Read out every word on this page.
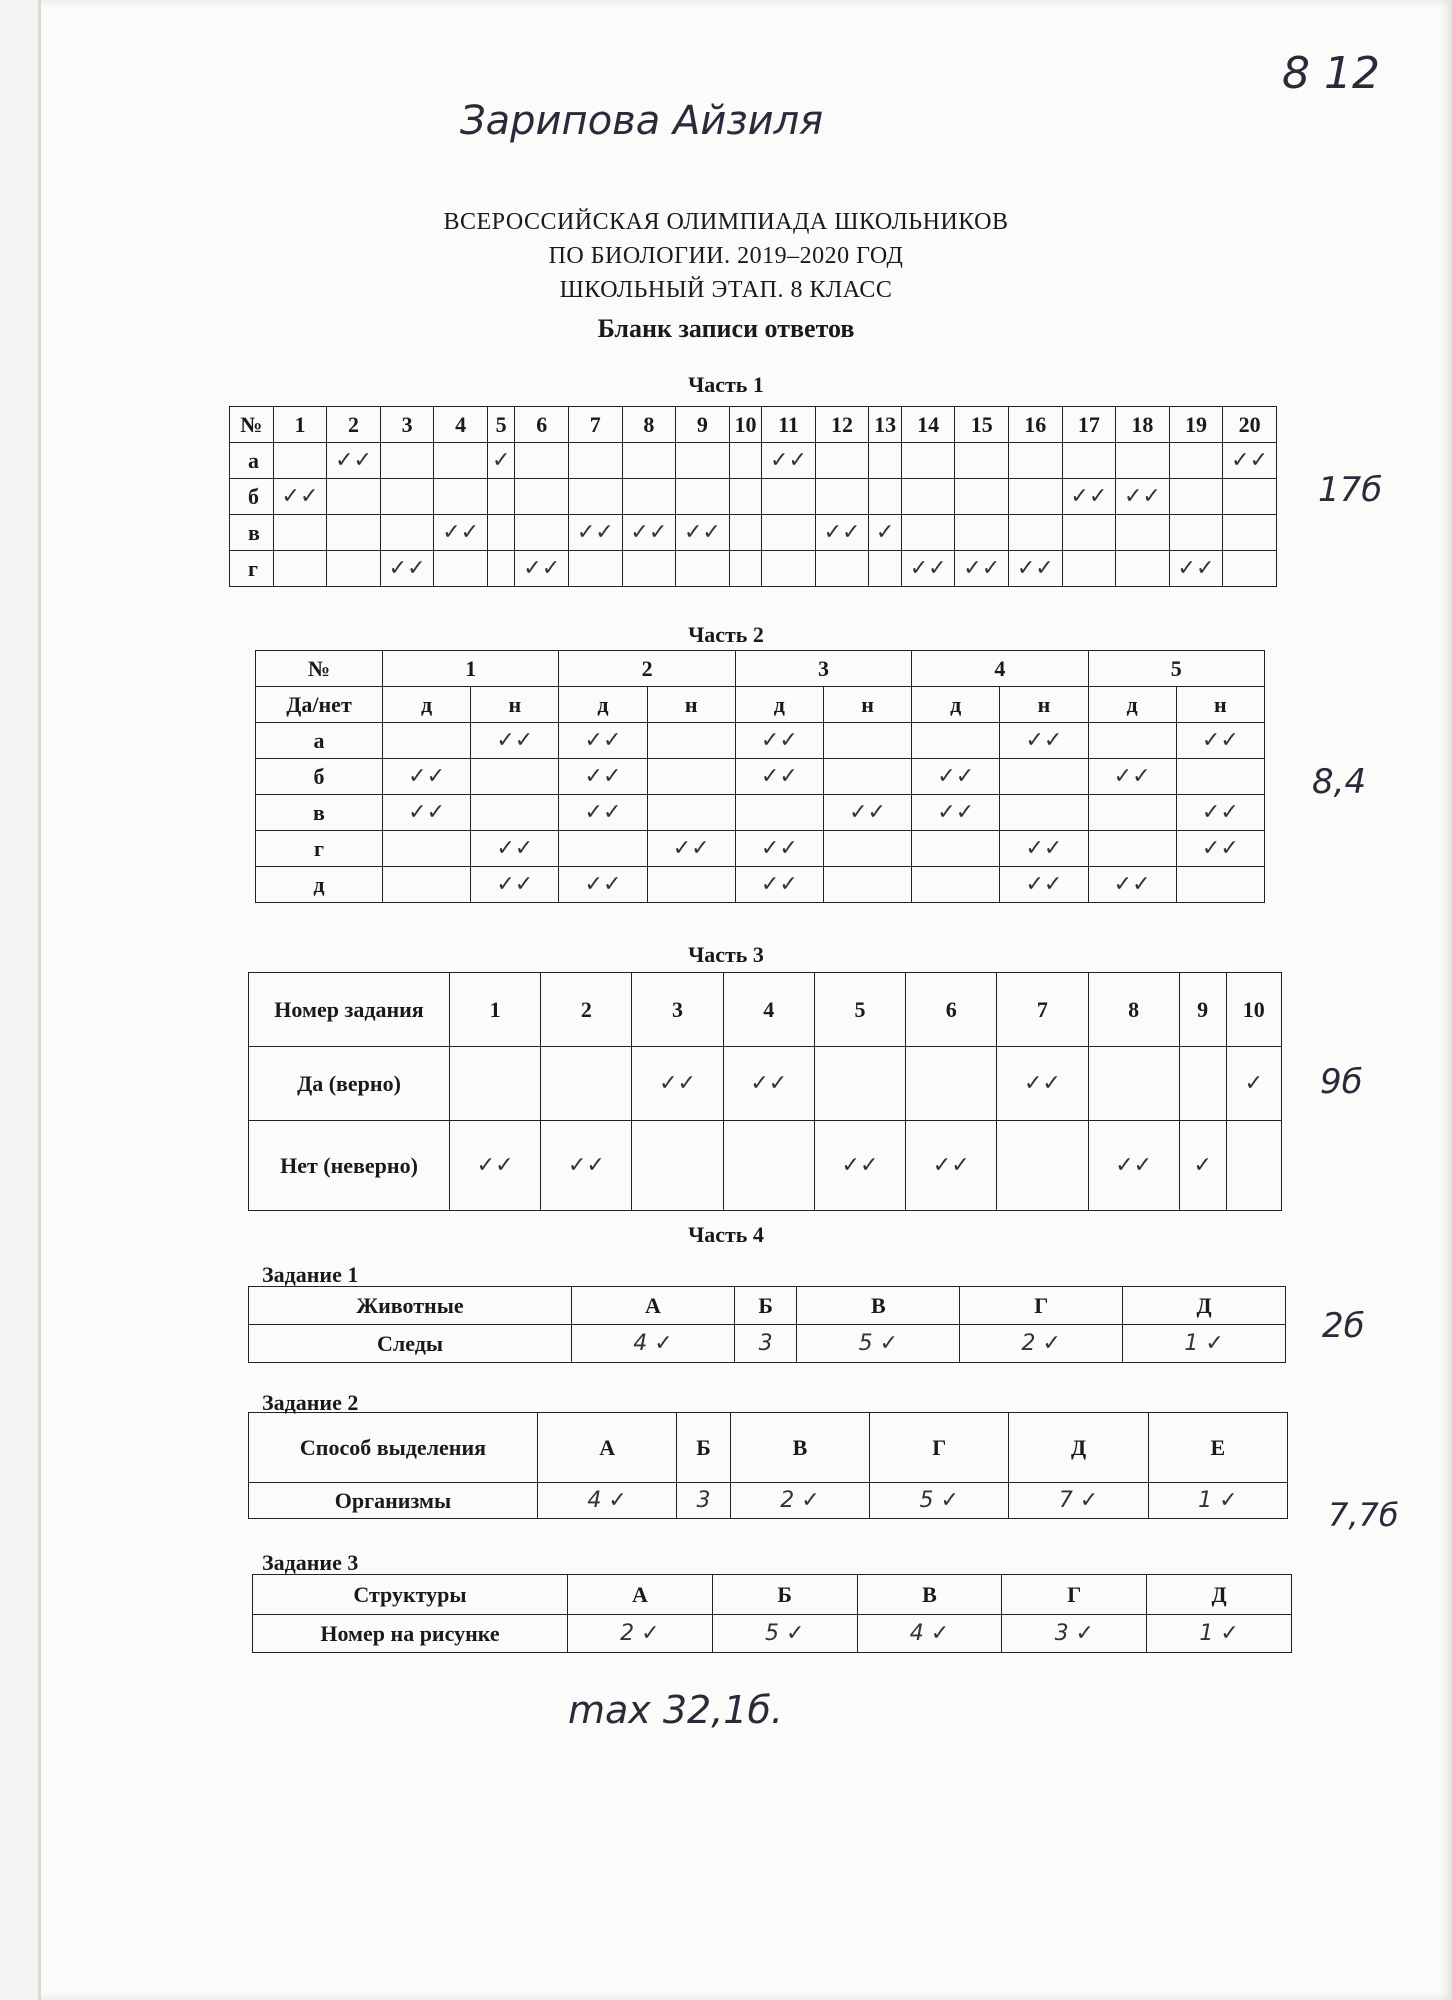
Зарипова Айзиля
8 12
17б
8,4
9б
2б
7,7б
max 32,1б.
ВСЕРОССИЙСКАЯ ОЛИМПИАДА ШКОЛЬНИКОВ
ПО БИОЛОГИИ. 2019–2020 ГОД
ШКОЛЬНЫЙ ЭТАП. 8 КЛАСС
Бланк записи ответов
Часть 1
№	1	2	3	4	5	6	7	8	9	10	11	12	13	14	15	16	17	18	19	20
а		✓✓			✓						✓✓									✓✓
б	✓✓																✓✓	✓✓		
в				✓✓			✓✓	✓✓	✓✓			✓✓	✓							
г			✓✓			✓✓								✓✓	✓✓	✓✓			✓✓	
Часть 2
№	1		2		3		4		5	
Да/нет	д	н	д	н	д	н	д	н	д	н
а		✓✓	✓✓		✓✓			✓✓		✓✓
б	✓✓		✓✓		✓✓		✓✓		✓✓	
в	✓✓		✓✓			✓✓	✓✓			✓✓
г		✓✓		✓✓	✓✓			✓✓		✓✓
д		✓✓	✓✓		✓✓			✓✓	✓✓	
Часть 3
Номер задания	1	2	3	4	5	6	7	8	9	10
Да (верно)			✓✓	✓✓			✓✓			✓
Нет (неверно)	✓✓	✓✓			✓✓	✓✓		✓✓	✓	
Часть 4
Задание 1
Животные	А	Б	В	Г	Д
Следы	4 ✓	3	5 ✓	2 ✓	1 ✓
Задание 2
Способ выделения	А	Б	В	Г	Д	Е
Организмы	4 ✓	3	2 ✓	5 ✓	7 ✓	1 ✓
Задание 3
Структуры	А	Б	В	Г	Д
Номер на рисунке	2 ✓	5 ✓	4 ✓	3 ✓	1 ✓
